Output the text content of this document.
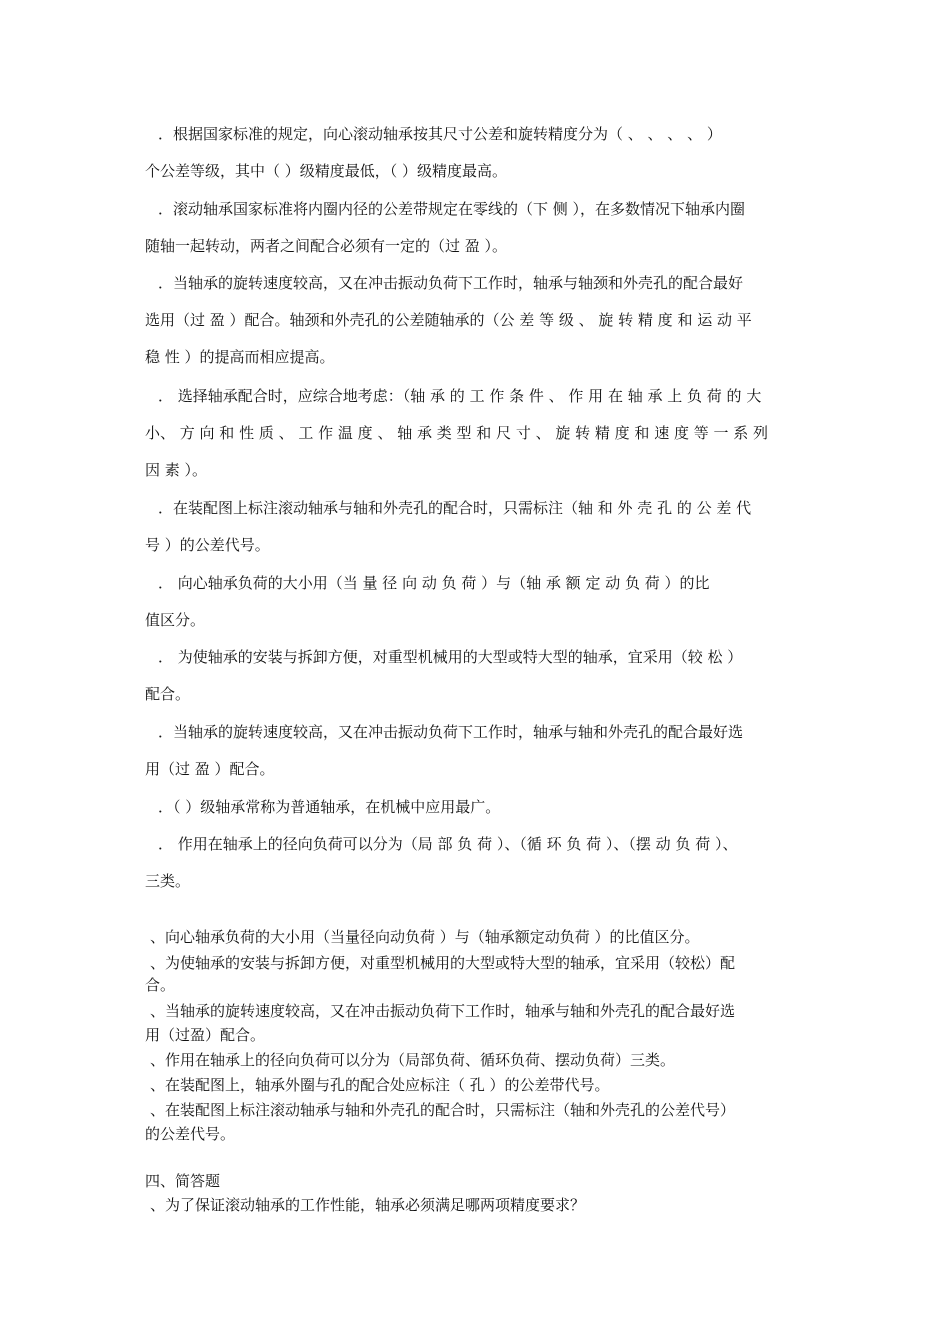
．根据国家标准的规定，向心滚动轴承按其尺寸公差和旋转精度分为（ 、 、 、 、 ）
个公差等级，其中（ ）级精度最低，（ ）级精度最高。
．滚动轴承国家标准将内圈内径的公差带规定在零线的（下 侧 ），在多数情况下轴承内圈
随轴一起转动，两者之间配合必须有一定的（过 盈 ）。
．当轴承的旋转速度较高，又在冲击振动负荷下工作时，轴承与轴颈和外壳孔的配合最好
选用（过 盈 ）配合。轴颈和外壳孔的公差随轴承的（公 差 等 级 、 旋 转 精 度 和 运 动 平
稳 性 ）的提高而相应提高。
． 选择轴承配合时，应综合地考虑：（轴 承 的 工 作 条 件 、 作 用 在 轴 承 上 负 荷 的 大
小、 方 向 和 性 质 、 工 作 温 度 、 轴 承 类 型 和 尺 寸 、 旋 转 精 度 和 速 度 等 一 系 列
因 素 ）。
．在装配图上标注滚动轴承与轴和外壳孔的配合时，只需标注（轴 和 外 壳 孔 的 公 差 代
号 ）的公差代号。
． 向心轴承负荷的大小用（当 量 径 向 动 负 荷 ）与（轴 承 额 定 动 负 荷 ）的比
值区分。
． 为使轴承的安装与拆卸方便，对重型机械用的大型或特大型的轴承，宜采用（较 松 ）
配合。
．当轴承的旋转速度较高，又在冲击振动负荷下工作时，轴承与轴和外壳孔的配合最好选
用（过 盈 ）配合。
．（ ）级轴承常称为普通轴承，在机械中应用最广。
． 作用在轴承上的径向负荷可以分为（局 部 负 荷 ）、（循 环 负 荷 ）、（摆 动 负 荷 ）、
三类。
、向心轴承负荷的大小用（当量径向动负荷 ）与（轴承额定动负荷 ）的比值区分。
、为使轴承的安装与拆卸方便，对重型机械用的大型或特大型的轴承，宜采用（较松）配
合。
、当轴承的旋转速度较高，又在冲击振动负荷下工作时，轴承与轴和外壳孔的配合最好选
用（过盈）配合。
、作用在轴承上的径向负荷可以分为（局部负荷、循环负荷、摆动负荷）三类。
、在装配图上，轴承外圈与孔的配合处应标注（ 孔 ）的公差带代号。
、在装配图上标注滚动轴承与轴和外壳孔的配合时，只需标注（轴和外壳孔的公差代号）
的公差代号。
四、简答题
、为了保证滚动轴承的工作性能，轴承必须满足哪两项精度要求？
